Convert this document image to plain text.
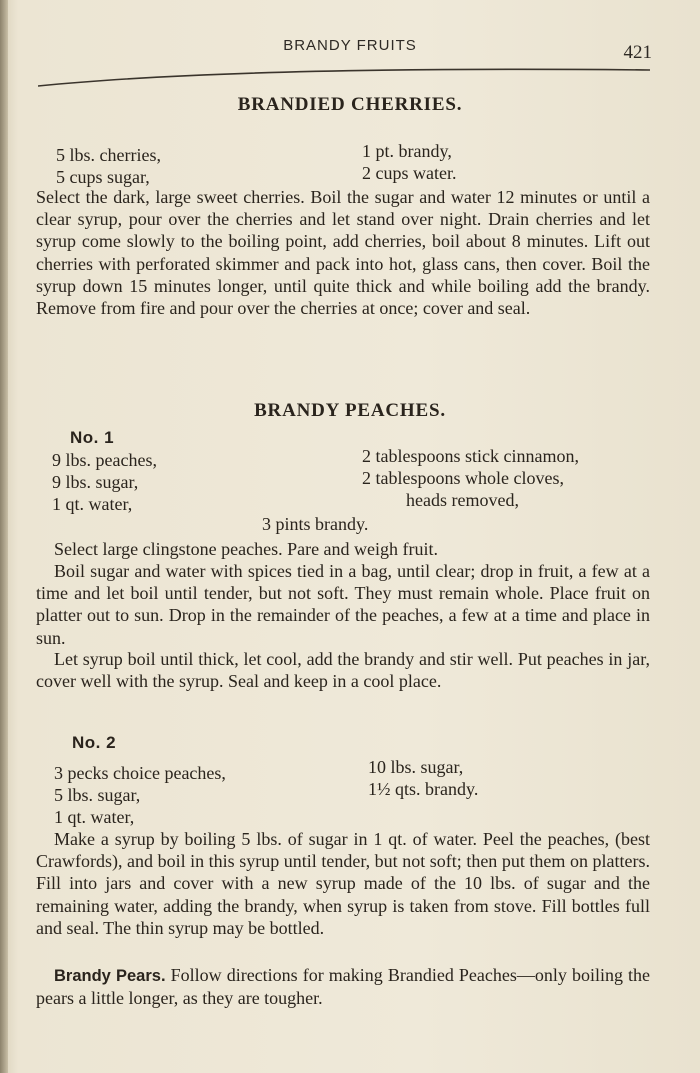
BRANDY FRUITS	421
BRANDIED CHERRIES.
5 lbs. cherries,
5 cups sugar,
1 pt. brandy,
2 cups water.
Select the dark, large sweet cherries. Boil the sugar and water 12 minutes or until a clear syrup, pour over the cherries and let stand over night. Drain cherries and let syrup come slowly to the boiling point, add cherries, boil about 8 minutes. Lift out cherries with perforated skimmer and pack into hot, glass cans, then cover. Boil the syrup down 15 minutes longer, until quite thick and while boiling add the brandy. Remove from fire and pour over the cherries at once; cover and seal.
BRANDY PEACHES.
No. 1
9 lbs. peaches,
9 lbs. sugar,
1 qt. water,
2 tablespoons stick cinnamon,
2 tablespoons whole cloves,
heads removed,
3 pints brandy.
Select large clingstone peaches. Pare and weigh fruit.
Boil sugar and water with spices tied in a bag, until clear; drop in fruit, a few at a time and let boil until tender, but not soft. They must remain whole. Place fruit on platter out to sun. Drop in the remainder of the peaches, a few at a time and place in sun.
Let syrup boil until thick, let cool, add the brandy and stir well. Put peaches in jar, cover well with the syrup. Seal and keep in a cool place.
No. 2
3 pecks choice peaches,
5 lbs. sugar,
1 qt. water,
10 lbs. sugar,
1½ qts. brandy.
Make a syrup by boiling 5 lbs. of sugar in 1 qt. of water. Peel the peaches, (best Crawfords), and boil in this syrup until tender, but not soft; then put them on platters. Fill into jars and cover with a new syrup made of the 10 lbs. of sugar and the remaining water, adding the brandy, when syrup is taken from stove. Fill bottles full and seal. The thin syrup may be bottled.
Brandy Pears. Follow directions for making Brandied Peaches—only boiling the pears a little longer, as they are tougher.
